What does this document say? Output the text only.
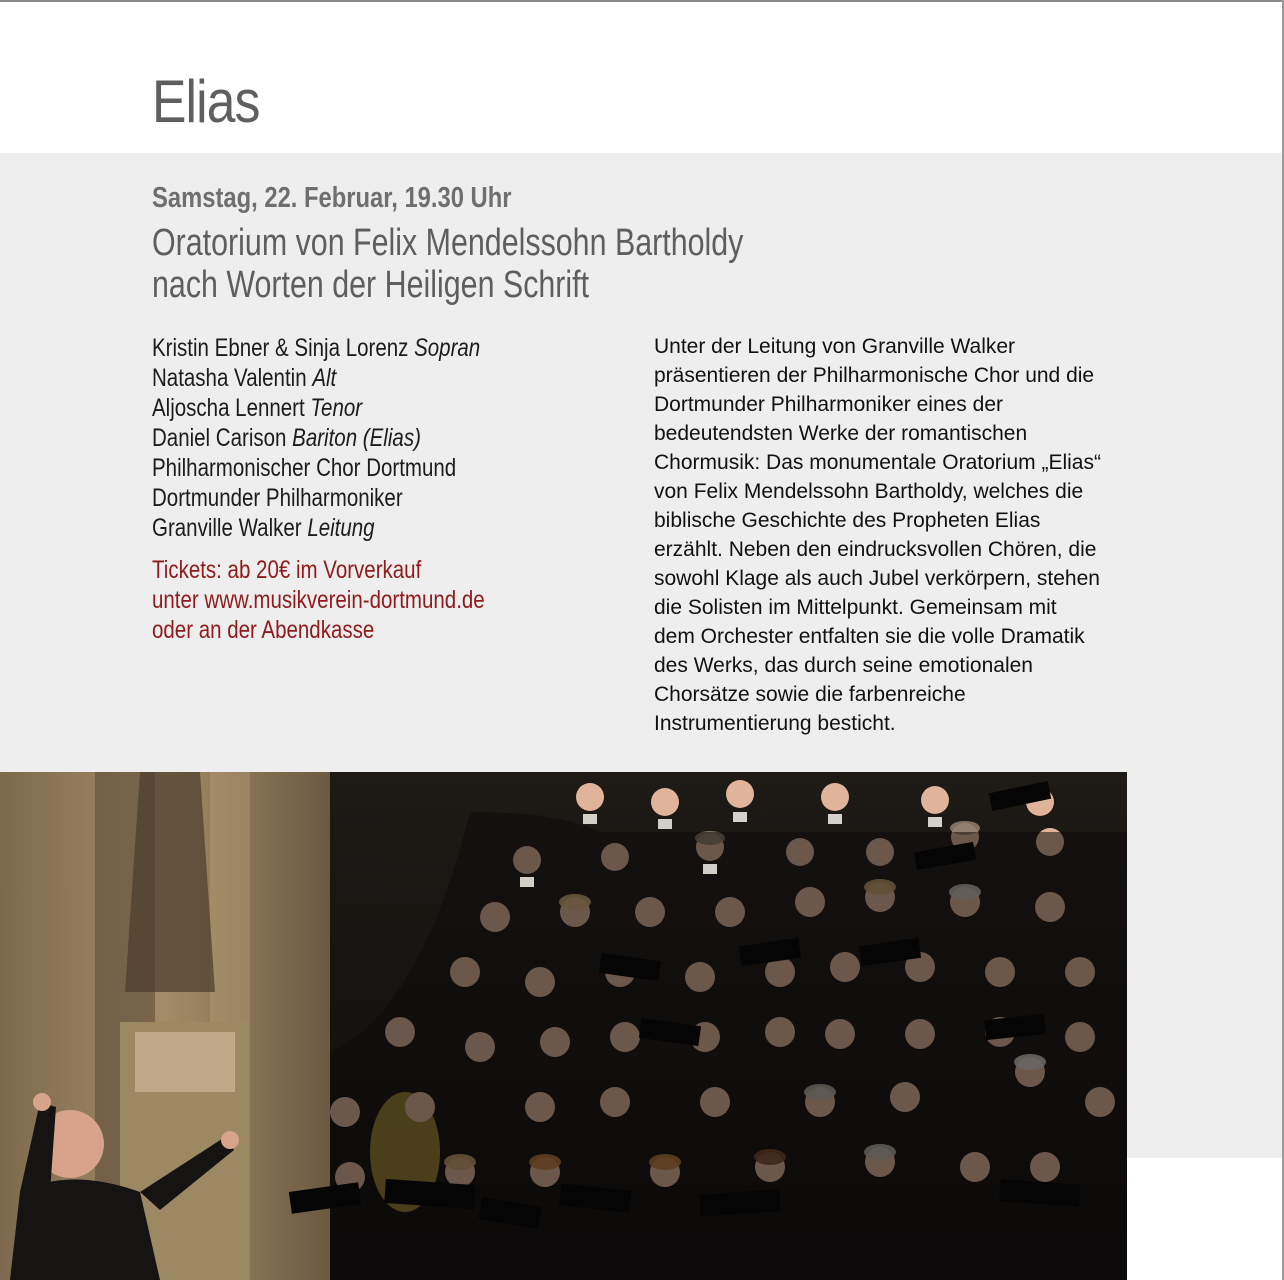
Elias
Samstag, 22. Februar, 19.30 Uhr
Oratorium von Felix Mendelssohn Bartholdy
nach Worten der Heiligen Schrift
Kristin Ebner & Sinja Lorenz Sopran
Natasha Valentin Alt
Aljoscha Lennert Tenor
Daniel Carison Bariton (Elias)
Philharmonischer Chor Dortmund
Dortmunder Philharmoniker
Granville Walker Leitung
Tickets: ab 20€ im Vorverkauf
unter www.musikverein-dortmund.de
oder an der Abendkasse
Unter der Leitung von Granville Walker
präsentieren der Philharmonische Chor und die
Dortmunder Philharmoniker eines der
bedeutendsten Werke der romantischen
Chormusik: Das monumentale Oratorium „Elias“
von Felix Mendelssohn Bartholdy, welches die
biblische Geschichte des Propheten Elias
erzählt. Neben den eindrucksvollen Chören, die
sowohl Klage als auch Jubel verkörpern, stehen
die Solisten im Mittelpunkt. Gemeinsam mit
dem Orchester entfalten sie die volle Dramatik
des Werks, das durch seine emotionalen
Chorsätze sowie die farbenreiche
Instrumentierung besticht.
